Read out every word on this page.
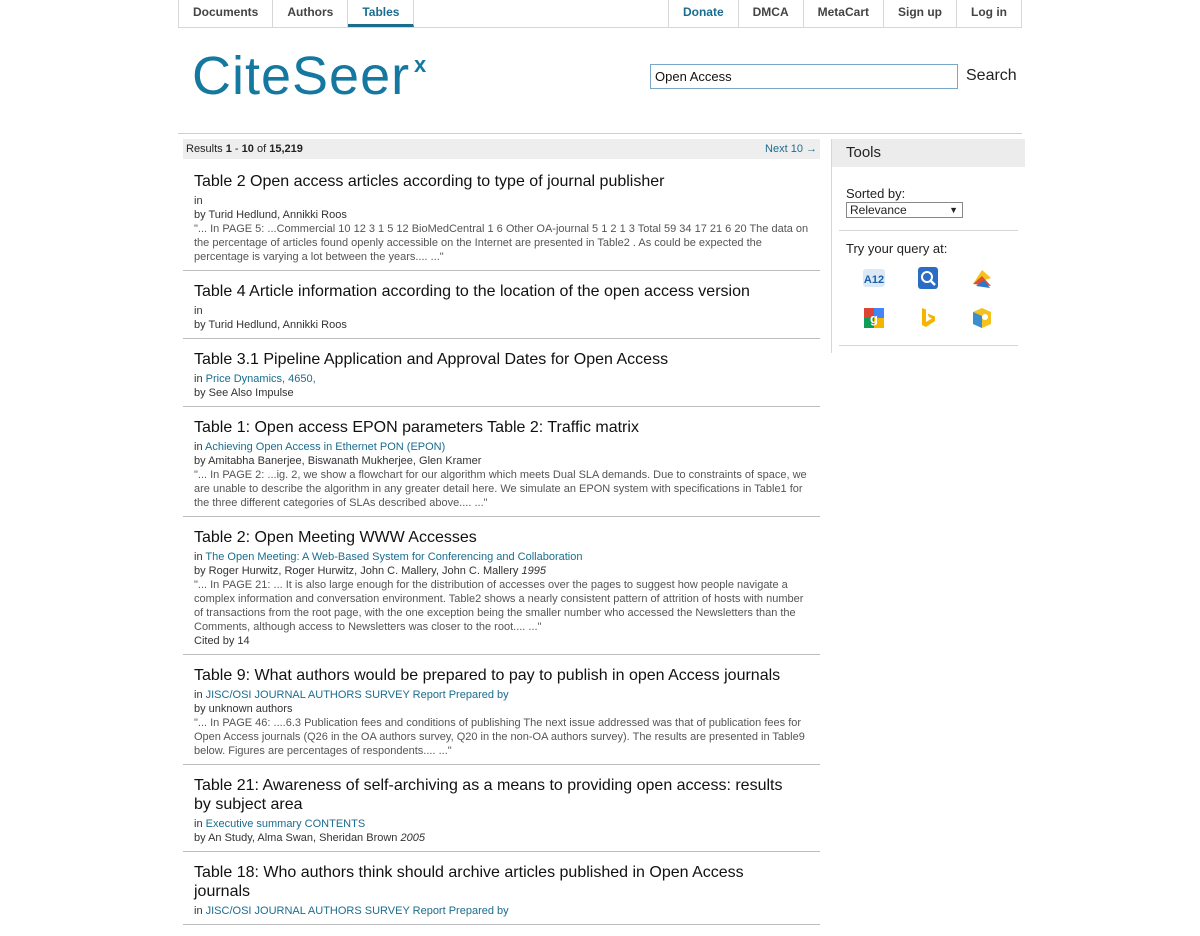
Documents	Authors	Tables	Donate	DMCA	MetaCart	Sign up	Log in
CiteSeer x
Open Access	Search
Results 1 - 10 of 15,219	Next 10 →
Table 2 Open access articles according to type of journal publisher
in
by Turid Hedlund, Annikki Roos
"... In PAGE 5: ...Commercial 10 12 3 1 5 12 BioMedCentral 1 6 Other OA-journal 5 1 2 1 3 Total 59 34 17 21 6 20 The data on the percentage of articles found openly accessible on the Internet are presented in Table2 . As could be expected the percentage is varying a lot between the years.... ..."
Table 4 Article information according to the location of the open access version
in
by Turid Hedlund, Annikki Roos
Table 3.1 Pipeline Application and Approval Dates for Open Access
in Price Dynamics, 4650,
by See Also Impulse
Table 1: Open access EPON parameters Table 2: Traffic matrix
in Achieving Open Access in Ethernet PON (EPON)
by Amitabha Banerjee, Biswanath Mukherjee, Glen Kramer
"... In PAGE 2: ...ig. 2, we show a flowchart for our algorithm which meets Dual SLA demands. Due to constraints of space, we are unable to describe the algorithm in any greater detail here. We simulate an EPON system with specifications in Table1 for the three different categories of SLAs described above.... ..."
Table 2: Open Meeting WWW Accesses
in The Open Meeting: A Web-Based System for Conferencing and Collaboration
by Roger Hurwitz, Roger Hurwitz, John C. Mallery, John C. Mallery 1995
"... In PAGE 21: ... It is also large enough for the distribution of accesses over the pages to suggest how people navigate a complex information and conversation environment. Table2 shows a nearly consistent pattern of attrition of hosts with number of transactions from the root page, with the one exception being the smaller number who accessed the Newsletters than the Comments, although access to Newsletters was closer to the root.... ..."
Cited by 14
Table 9: What authors would be prepared to pay to publish in open Access journals
in JISC/OSI JOURNAL AUTHORS SURVEY Report Prepared by
by unknown authors
"... In PAGE 46: ....6.3 Publication fees and conditions of publishing The next issue addressed was that of publication fees for Open Access journals (Q26 in the OA authors survey, Q20 in the non-OA authors survey). The results are presented in Table9 below. Figures are percentages of respondents.... ..."
Table 21: Awareness of self-archiving as a means to providing open access: results by subject area
in Executive summary CONTENTS
by An Study, Alma Swan, Sheridan Brown 2005
Table 18: Who authors think should archive articles published in Open Access journals
in JISC/OSI JOURNAL AUTHORS SURVEY Report Prepared by
Tools
Sorted by:
Relevance	▼
Try your query at:
A12
g
